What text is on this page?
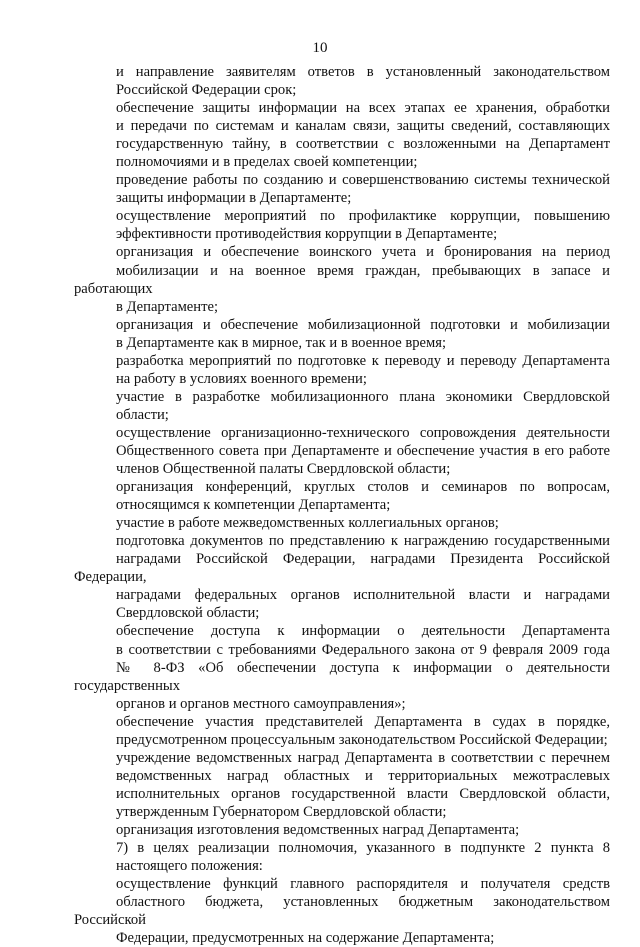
10
и направление заявителям ответов в установленный законодательством
Российской Федерации срок;
обеспечение защиты информации на всех этапах ее хранения, обработки
и передачи по системам и каналам связи, защиты сведений, составляющих
государственную тайну, в соответствии с возложенными на Департамент
полномочиями и в пределах своей компетенции;
проведение работы по созданию и совершенствованию системы технической
защиты информации в Департаменте;
осуществление мероприятий по профилактике коррупции, повышению
эффективности противодействия коррупции в Департаменте;
организация и обеспечение воинского учета и бронирования на период
мобилизации и на военное время граждан, пребывающих в запасе и работающих
в Департаменте;
организация и обеспечение мобилизационной подготовки и мобилизации
в Департаменте как в мирное, так и в военное время;
разработка мероприятий по подготовке к переводу и переводу Департамента
на работу в условиях военного времени;
участие в разработке мобилизационного плана экономики Свердловской
области;
осуществление организационно-технического сопровождения деятельности
Общественного совета при Департаменте и обеспечение участия в его работе
членов Общественной палаты Свердловской области;
организация конференций, круглых столов и семинаров по вопросам,
относящимся к компетенции Департамента;
участие в работе межведомственных коллегиальных органов;
подготовка документов по представлению к награждению государственными
наградами Российской Федерации, наградами Президента Российской Федерации,
наградами федеральных органов исполнительной власти и наградами
Свердловской области;
обеспечение доступа к информации о деятельности Департамента
в соответствии с требованиями Федерального закона от 9 февраля 2009 года
№ 8-ФЗ «Об обеспечении доступа к информации о деятельности государственных
органов и органов местного самоуправления»;
обеспечение участия представителей Департамента в судах в порядке,
предусмотренном процессуальным законодательством Российской Федерации;
учреждение ведомственных наград Департамента в соответствии с перечнем
ведомственных наград областных и территориальных межотраслевых
исполнительных органов государственной власти Свердловской области,
утвержденным Губернатором Свердловской области;
организация изготовления ведомственных наград Департамента;
7) в целях реализации полномочия, указанного в подпункте 2 пункта 8
настоящего положения:
осуществление функций главного распорядителя и получателя средств
областного бюджета, установленных бюджетным законодательством Российской
Федерации, предусмотренных на содержание Департамента;
